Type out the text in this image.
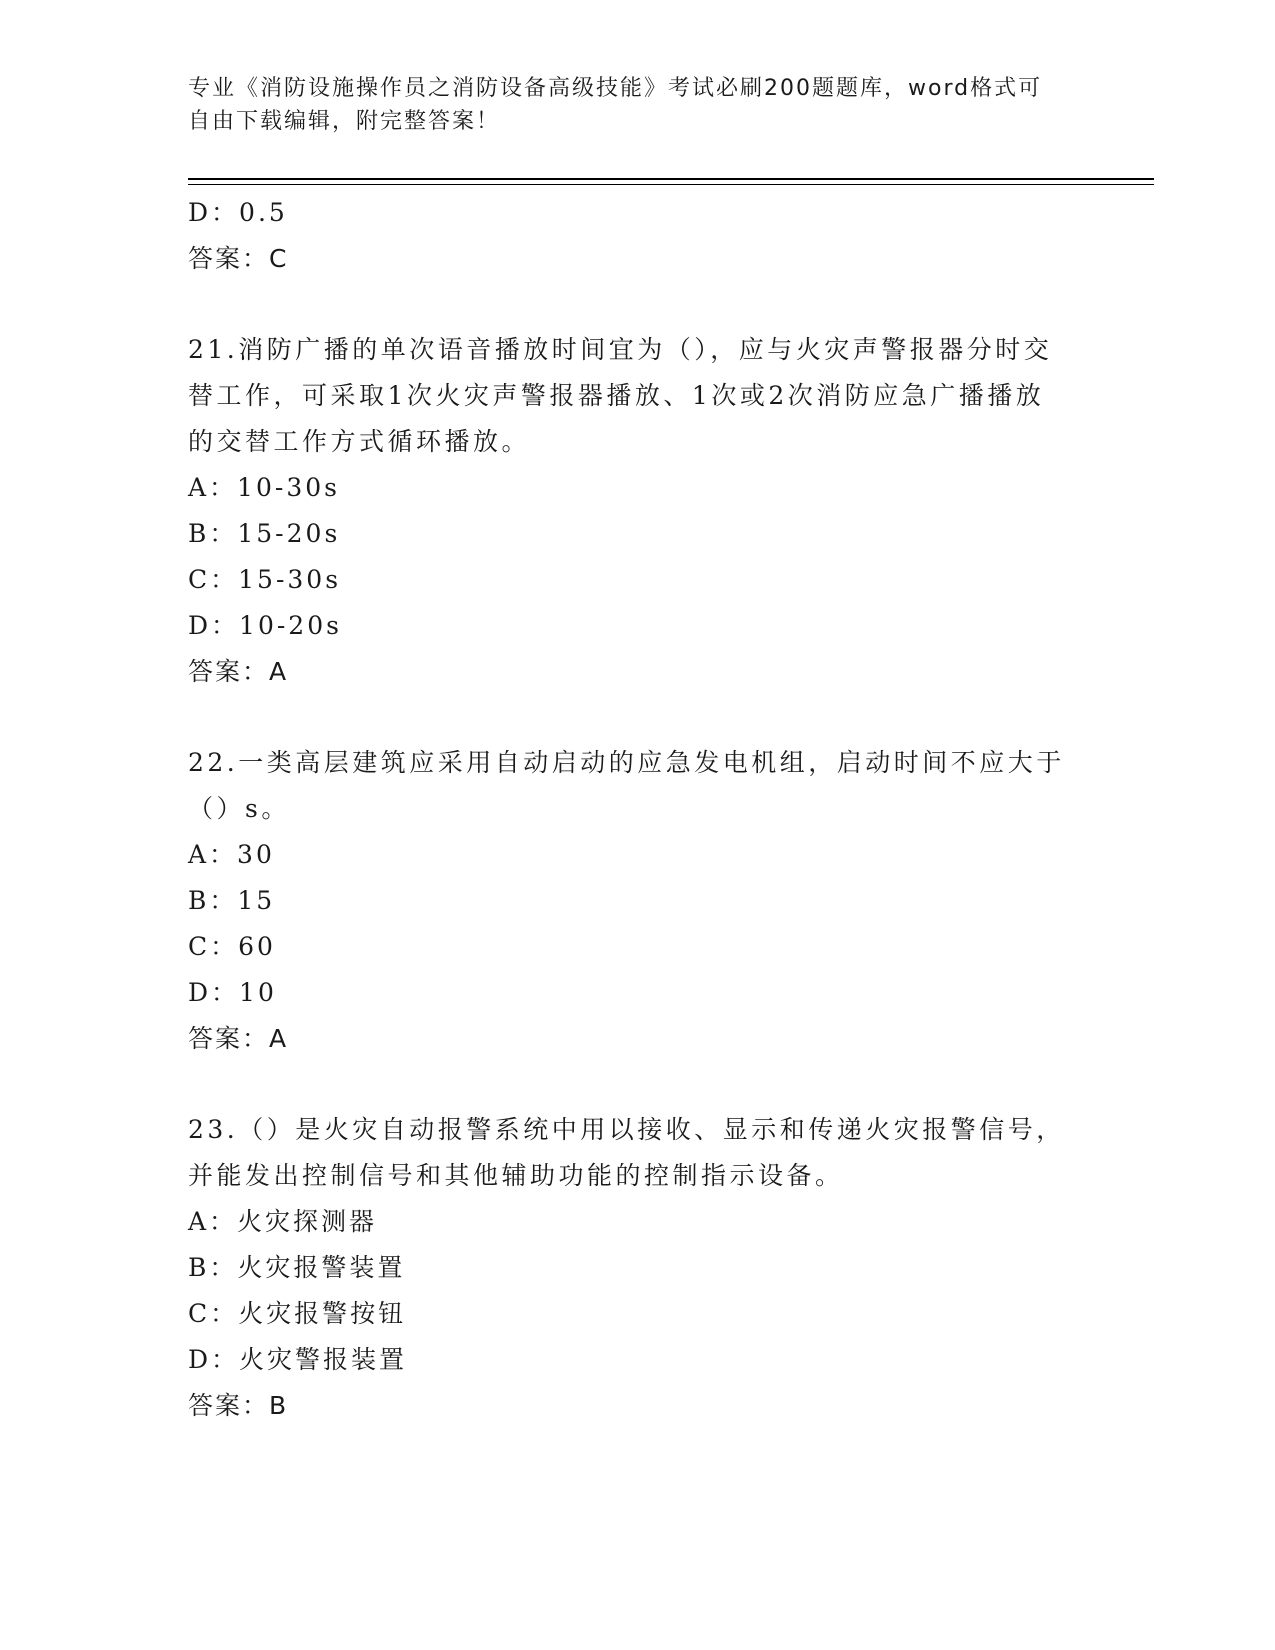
专业《消防设施操作员之消防设备高级技能》考试必刷200题题库，word格式可
自由下载编辑，附完整答案！
D：0.5
答案：C
21.消防广播的单次语音播放时间宜为（），应与火灾声警报器分时交
替工作，可采取1次火灾声警报器播放、1次或2次消防应急广播播放
的交替工作方式循环播放。
A：10-30s
B：15-20s
C：15-30s
D：10-20s
答案：A
22.一类高层建筑应采用自动启动的应急发电机组，启动时间不应大于
（）s。
A：30
B：15
C：60
D：10
答案：A
23.（）是火灾自动报警系统中用以接收、显示和传递火灾报警信号，
并能发出控制信号和其他辅助功能的控制指示设备。
A：火灾探测器
B：火灾报警装置
C：火灾报警按钮
D：火灾警报装置
答案：B
